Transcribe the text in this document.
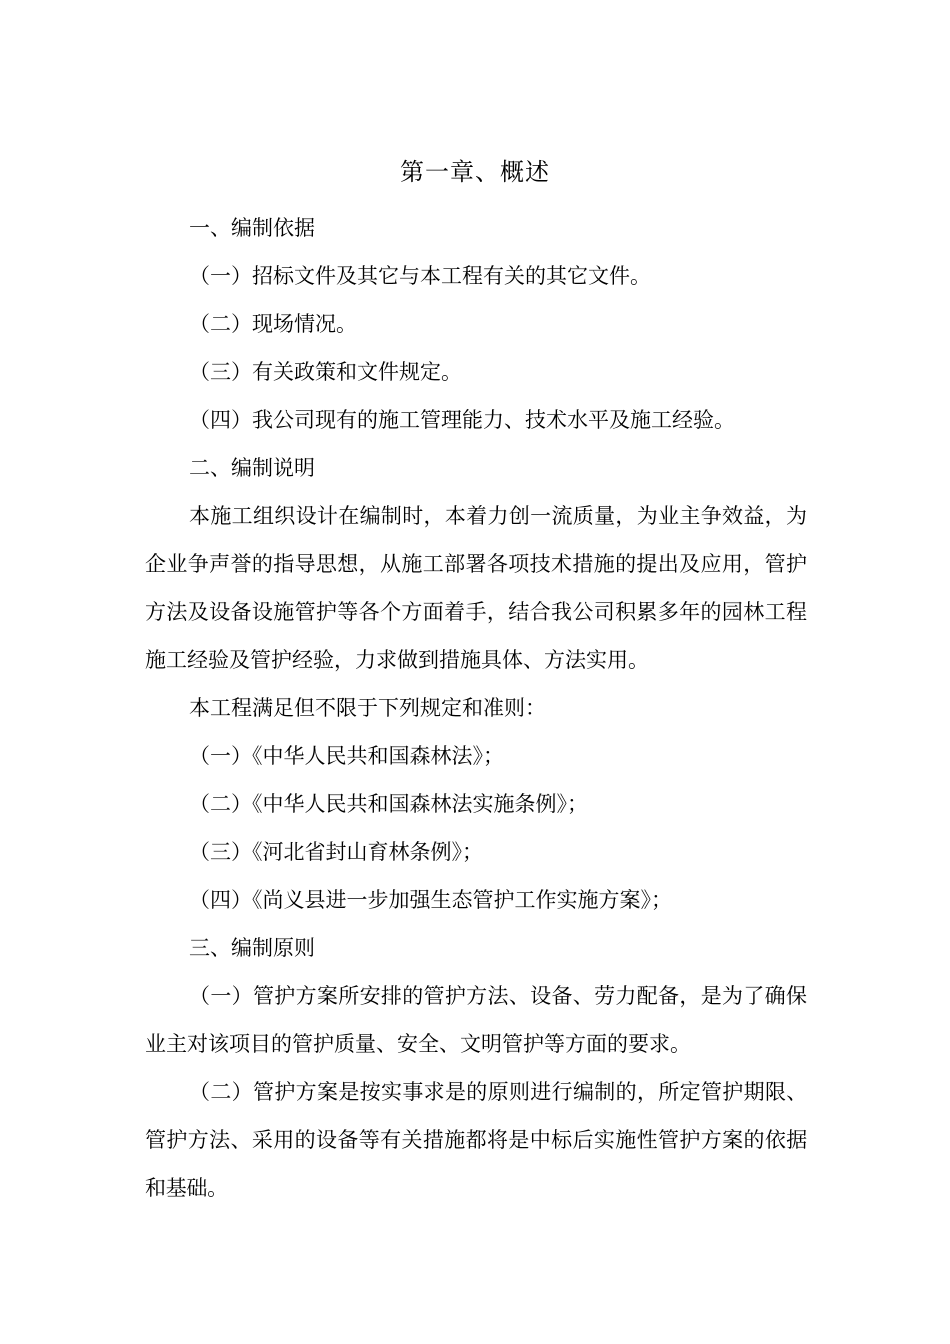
第一章、概述

一、编制依据

（一）招标文件及其它与本工程有关的其它文件。

（二）现场情况。

（三）有关政策和文件规定。

（四）我公司现有的施工管理能力、技术水平及施工经验。

二、编制说明

本施工组织设计在编制时，本着力创一流质量，为业主争效益，为企业争声誉的指导思想，从施工部署各项技术措施的提出及应用，管护方法及设备设施管护等各个方面着手，结合我公司积累多年的园林工程施工经验及管护经验，力求做到措施具体、方法实用。

本工程满足但不限于下列规定和准则：

（一）《中华人民共和国森林法》；

（二）《中华人民共和国森林法实施条例》；

（三）《河北省封山育林条例》；

（四）《尚义县进一步加强生态管护工作实施方案》；

三、编制原则

（一）管护方案所安排的管护方法、设备、劳力配备，是为了确保业主对该项目的管护质量、安全、文明管护等方面的要求。

（二）管护方案是按实事求是的原则进行编制的，所定管护期限、管护方法、采用的设备等有关措施都将是中标后实施性管护方案的依据和基础。
